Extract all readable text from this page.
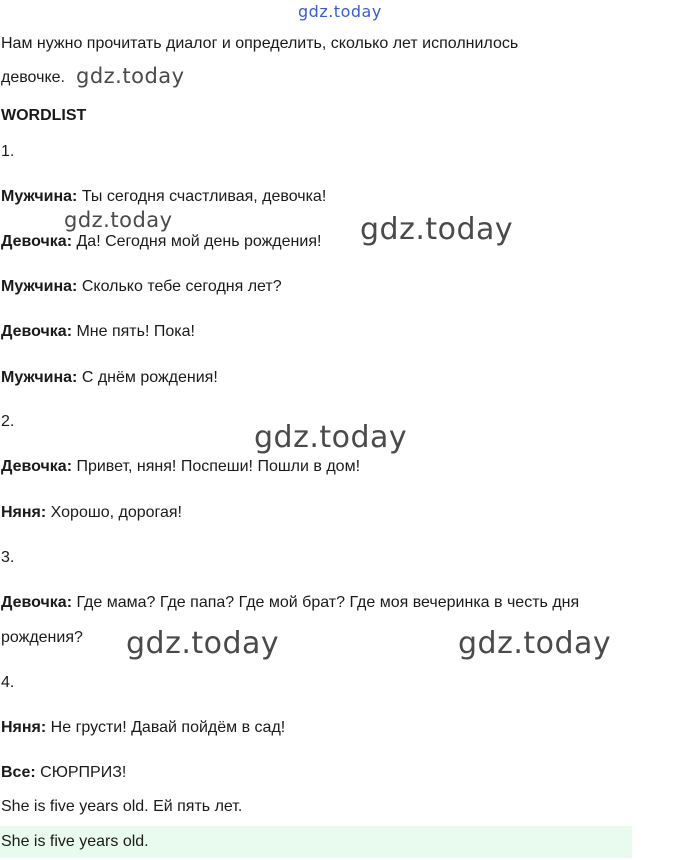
gdz.today
Нам нужно прочитать диалог и определить, сколько лет исполнилось
девочке. gdz.today
WORDLIST
1.
Мужчина: Ты сегодня счастливая, девочка!
gdz.today
Девочка: Да! Сегодня мой день рождения! gdz.today
Мужчина: Сколько тебе сегодня лет?
Девочка: Мне пять! Пока!
Мужчина: С днём рождения!
2.	gdz.today
Девочка: Привет, няня! Поспеши! Пошли в дом!
Няня: Хорошо, дорогая!
3.
Девочка: Где мама? Где папа? Где мой брат? Где моя вечеринка в честь дня
рождения? gdz.today	gdz.today
4.
Няня: Не грусти! Давай пойдём в сад!
Все: СЮРПРИЗ!
She is five years old. Ей пять лет.
She is five years old.
